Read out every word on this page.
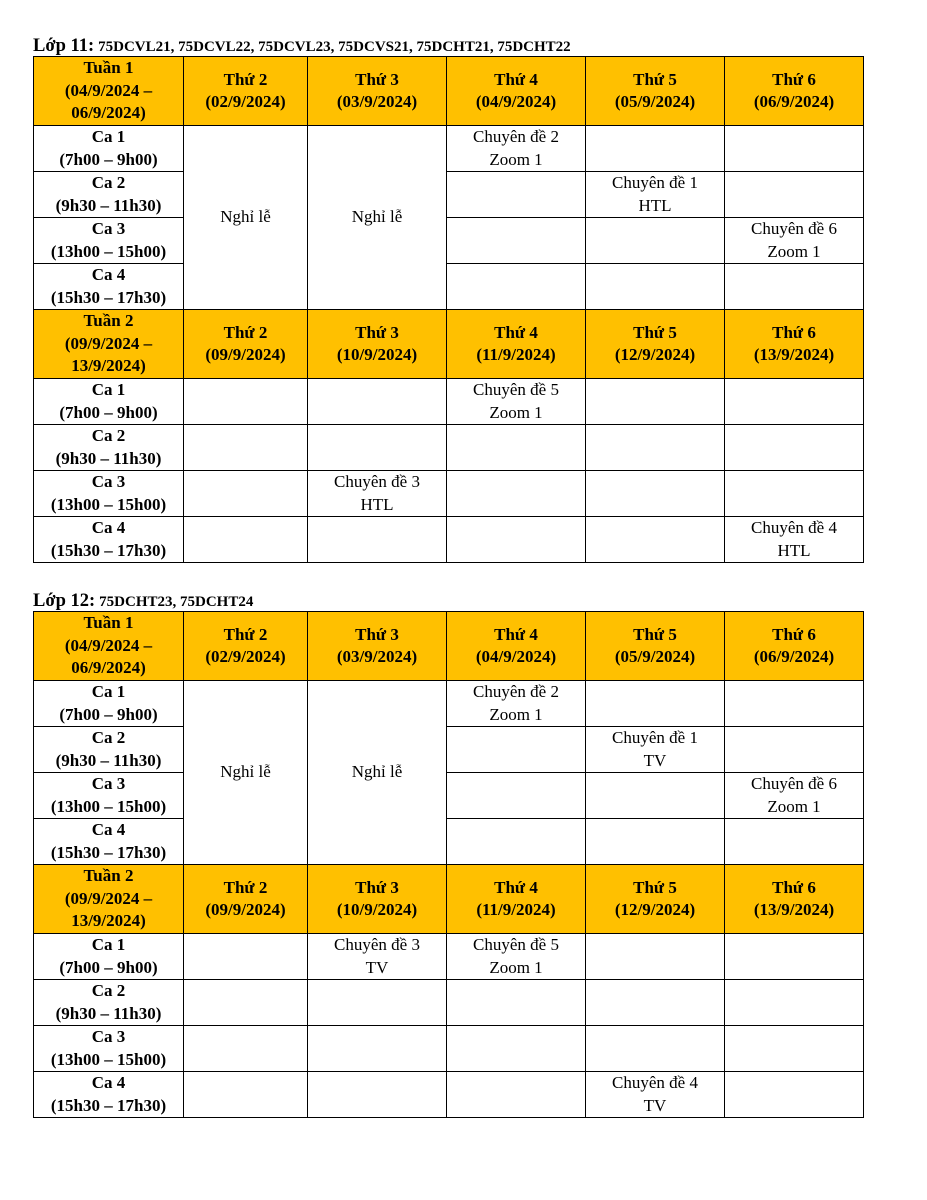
Lớp 11: 75DCVL21, 75DCVL22, 75DCVL23, 75DCVS21, 75DCHT21, 75DCHT22
Tuần 1
(04/9/2024 –
06/9/2024)	Thứ 2
(02/9/2024)	Thứ 3
(03/9/2024)	Thứ 4
(04/9/2024)	Thứ 5
(05/9/2024)	Thứ 6
(06/9/2024)

Ca 1
(7h00 – 9h00)	Nghỉ lễ	Nghỉ lễ	Chuyên đề 2
Zoom 1		

Ca 2
(9h30 – 11h30)				Chuyên đề 1
HTL	

Ca 3
(13h00 – 15h00)					Chuyên đề 6
Zoom 1

Ca 4
(15h30 – 17h30)					

Tuần 2
(09/9/2024 –
13/9/2024)	Thứ 2
(09/9/2024)	Thứ 3
(10/9/2024)	Thứ 4
(11/9/2024)	Thứ 5
(12/9/2024)	Thứ 6
(13/9/2024)

Ca 1
(7h00 – 9h00)			Chuyên đề 5
Zoom 1		

Ca 2
(9h30 – 11h30)					

Ca 3
(13h00 – 15h00)		Chuyên đề 3
HTL			

Ca 4
(15h30 – 17h30)					Chuyên đề 4
HTL
Lớp 12: 75DCHT23, 75DCHT24
Tuần 1
(04/9/2024 –
06/9/2024)	Thứ 2
(02/9/2024)	Thứ 3
(03/9/2024)	Thứ 4
(04/9/2024)	Thứ 5
(05/9/2024)	Thứ 6
(06/9/2024)

Ca 1
(7h00 – 9h00)	Nghỉ lễ	Nghỉ lễ	Chuyên đề 2
Zoom 1		

Ca 2
(9h30 – 11h30)				Chuyên đề 1
TV	

Ca 3
(13h00 – 15h00)					Chuyên đề 6
Zoom 1

Ca 4
(15h30 – 17h30)					

Tuần 2
(09/9/2024 –
13/9/2024)	Thứ 2
(09/9/2024)	Thứ 3
(10/9/2024)	Thứ 4
(11/9/2024)	Thứ 5
(12/9/2024)	Thứ 6
(13/9/2024)

Ca 1
(7h00 – 9h00)		Chuyên đề 3
TV	Chuyên đề 5
Zoom 1		

Ca 2
(9h30 – 11h30)					

Ca 3
(13h00 – 15h00)					

Ca 4
(15h30 – 17h30)				Chuyên đề 4
TV	
